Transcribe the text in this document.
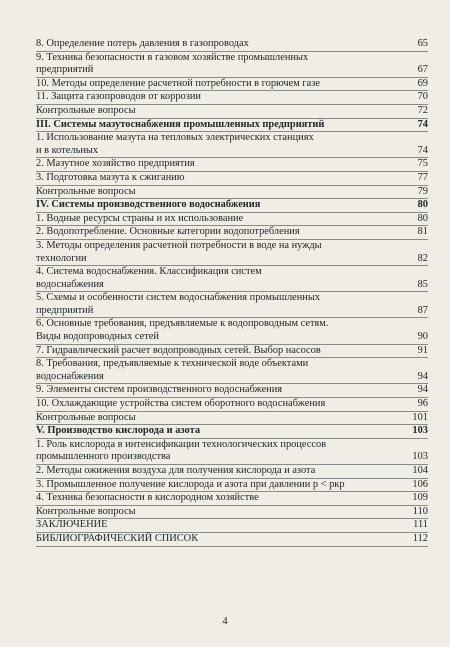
8. Определение потерь давления в газопроводах	65
9. Техника безопасности в газовом хозяйстве промышленных
предприятий	67
10. Методы определение расчетной потребности в горючем газе	69
11. Защита газопроводов от коррозии	70
Контрольные вопросы	72
III. Системы мазутоснабжения промышленных предприятий	74
1. Использование мазута на тепловых электрических станциях
и в котельных	74
2. Мазутное хозяйство предприятия	75
3. Подготовка мазута к сжиганию	77
Контрольные вопросы	79
IV. Системы производственного водоснабжения	80
1. Водные ресурсы страны и их использование	80
2. Водопотребление. Основные категории водопотребления	81
3. Методы определения расчетной потребности в воде на нужды
технологии	82
4. Система водоснабжения. Классификация систем
водоснабжения	85
5. Схемы и особенности систем водоснабжения промышленных
предприятий	87
6. Основные требования, предъявляемые к водопроводным сетям.
Виды водопроводных сетей	90
7. Гидравлический расчет водопроводных сетей. Выбор насосов	91
8. Требования, предъявляемые к технической воде объектами
водоснабжения	94
9. Элементы систем производственного водоснабжения	94
10. Охлаждающие устройства систем оборотного водоснабжения	96
Контрольные вопросы	101
V. Производство кислорода и азота	103
1. Роль кислорода в интенсификации технологических процессов
промышленного производства	103
2. Методы ожижения воздуха для получения кислорода и азота	104
3. Промышленное получение кислорода и азота при давлении p < pкр	106
4. Техника безопасности в кислородном хозяйстве	109
Контрольные вопросы	110
ЗАКЛЮЧЕНИЕ	111
БИБЛИОГРАФИЧЕСКИЙ СПИСОК	112
4
